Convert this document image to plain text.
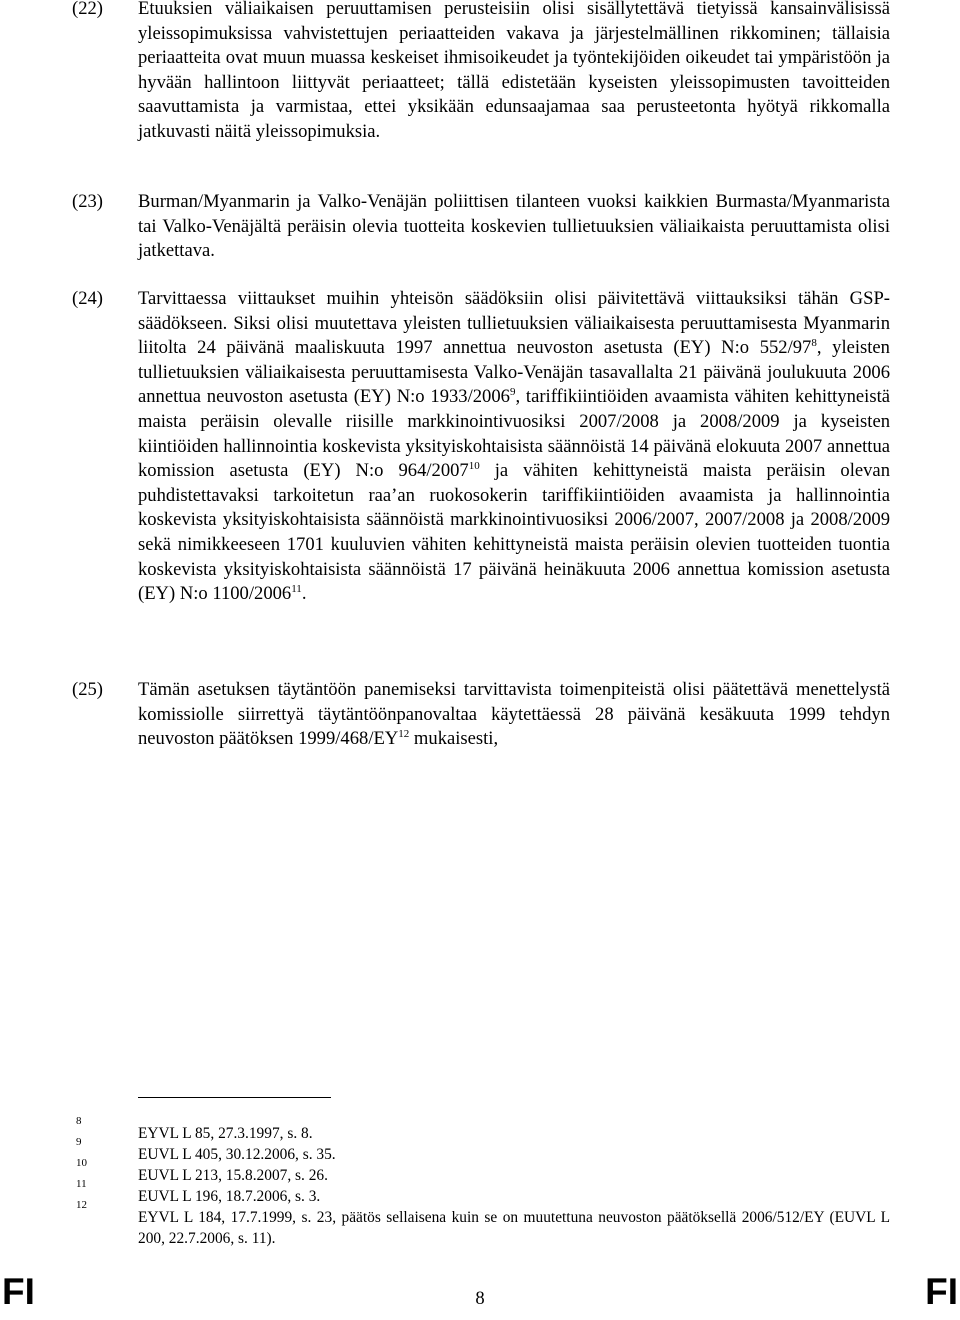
(22)	Etuuksien väliaikaisen peruuttamisen perusteisiin olisi sisällytettävä tietyissä kansainvälisissä yleissopimuksissa vahvistettujen periaatteiden vakava ja järjestelmällinen rikkominen; tällaisia periaatteita ovat muun muassa keskeiset ihmisoikeudet ja työntekijöiden oikeudet tai ympäristöön ja hyvään hallintoon liittyvät periaatteet; tällä edistetään kyseisten yleissopimusten tavoitteiden saavuttamista ja varmistaa, ettei yksikään edunsaajamaa saa perusteetonta hyötyä rikkomalla jatkuvasti näitä yleissopimuksia.
(23)	Burman/Myanmarin ja Valko-Venäjän poliittisen tilanteen vuoksi kaikkien Burmasta/Myanmarista tai Valko-Venäjältä peräisin olevia tuotteita koskevien tullietuuksien väliaikaista peruuttamista olisi jatkettava.
(24)	Tarvittaessa viittaukset muihin yhteisön säädöksiin olisi päivitettävä viittauksiksi tähän GSP-säädökseen. Siksi olisi muutettava yleisten tullietuuksien väliaikaisesta peruuttamisesta Myanmarin liitolta 24 päivänä maaliskuuta 1997 annettua neuvoston asetusta (EY) N:o $552/97^8$, yleisten tullietuuksien väliaikaisesta peruuttamisesta Valko-Venäjän tasavallalta 21 päivänä joulukuuta 2006 annettua neuvoston asetusta (EY) N:o 1933/2006$^9$, tariffikiintiöiden avaamista vähiten kehittyneistä maista peräisin olevalle riisille markkinointivuosiksi 2007/2008 ja 2008/2009 ja kyseisten kiintiöiden hallinnointia koskevista yksityiskohtaisista säännöistä 14 päivänä elokuuta 2007 annettua komission asetusta (EY) N:o 964/2007$^{10}$ ja vähiten kehittyneistä maista peräisin olevan puhdistettavaksi tarkoitetun raa’an ruokosokerin tariffikiintiöiden avaamista ja hallinnointia koskevista yksityiskohtaisista säännöistä markkinointivuosiksi 2006/2007, 2007/2008 ja 2008/2009 sekä nimikkeeseen 1701 kuuluvien vähiten kehittyneistä maista peräisin olevien tuotteiden tuontia koskevista yksityiskohtaisista säännöistä 17 päivänä heinäkuuta 2006 annettua komission asetusta (EY) N:o 1100/2006$^{11}$.
(25)	Tämän asetuksen täytäntöön panemiseksi tarvittavista toimenpiteistä olisi päätettävä menettelystä komissiolle siirrettyä täytäntöönpanovaltaa käytettäessä 28 päivänä kesäkuuta 1999 tehdyn neuvoston päätöksen 1999/468/EY$^{12}$ mukaisesti,
8
EYVL L 85, 27.3.1997, s. 8.
9
EUVL L 405, 30.12.2006, s. 35.
10
EUVL L 213, 15.8.2007, s. 26.
11
EUVL L 196, 18.7.2006, s. 3.
12
EYVL L 184, 17.7.1999, s. 23, päätös sellaisena kuin se on muutettuna neuvoston päätöksellä 2006/512/EY (EUVL L 200, 22.7.2006, s. 11).
FI	8	FI
